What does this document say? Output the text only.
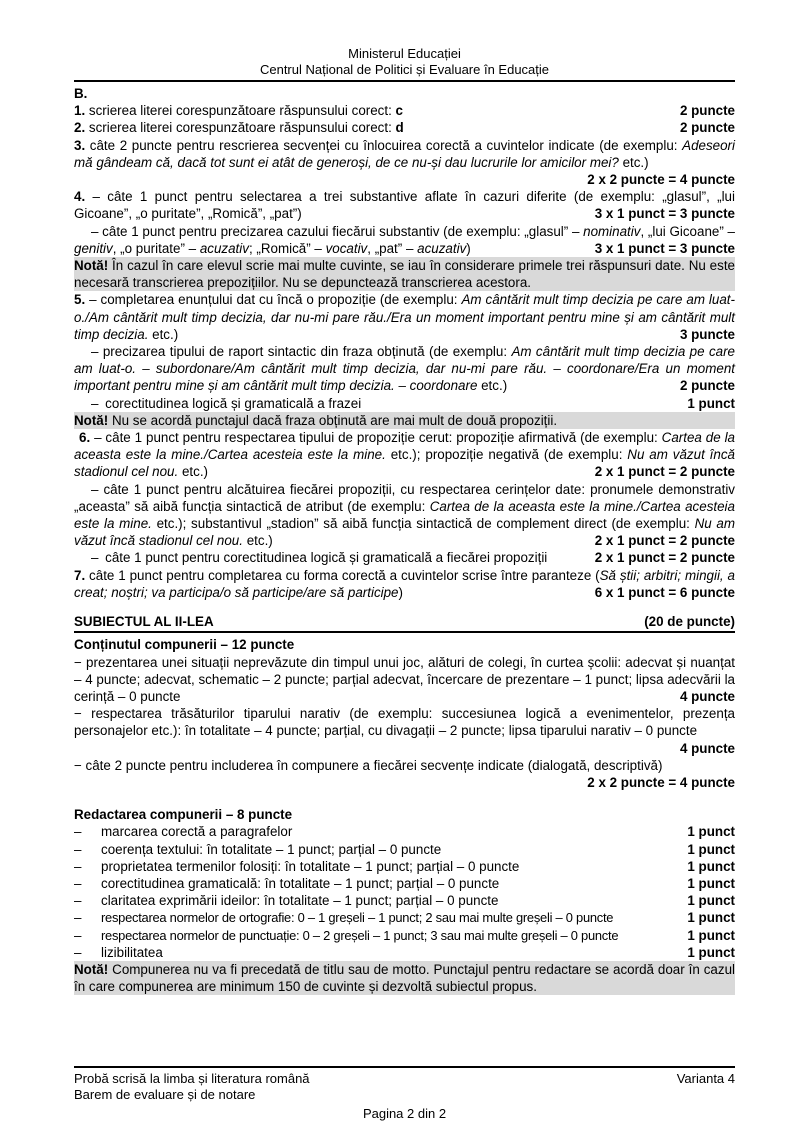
Ministerul Educației
Centrul Național de Politici și Evaluare în Educație
B.
1. scrierea literei corespunzătoare răspunsului corect: c	2 puncte
2. scrierea literei corespunzătoare răspunsului corect: d	2 puncte
3. câte 2 puncte pentru rescrierea secvenței cu înlocuirea corectă a cuvintelor indicate (de exemplu: Adeseori mă gândeam că, dacă tot sunt ei atât de generoși, de ce nu-și dau lucrurile lor amicilor mei? etc.)
2 x 2 puncte = 4 puncte
4. – câte 1 punct pentru selectarea a trei substantive aflate în cazuri diferite (de exemplu: „glasul”, „lui Gicoane”, „o puritate”, „Romică”, „pat”)	3 x 1 punct = 3 puncte
– câte 1 punct pentru precizarea cazului fiecărui substantiv (de exemplu: „glasul” – nominativ, „lui Gicoane” – genitiv, „o puritate” – acuzativ; „Romică” – vocativ, „pat” – acuzativ)	3 x 1 punct = 3 puncte
Notă! În cazul în care elevul scrie mai multe cuvinte, se iau în considerare primele trei răspunsuri date. Nu este necesară transcrierea prepozițiilor. Nu se depunctează transcrierea acestora.
5. – completarea enunțului dat cu încă o propoziție (de exemplu: Am cântărit mult timp decizia pe care am luat-o./Am cântărit mult timp decizia, dar nu-mi pare rău./Era un moment important pentru mine și am cântărit mult timp decizia. etc.)	3 puncte
– precizarea tipului de raport sintactic din fraza obținută (de exemplu: Am cântărit mult timp decizia pe care am luat-o. – subordonare/Am cântărit mult timp decizia, dar nu-mi pare rău. – coordonare/Era un moment important pentru mine și am cântărit mult timp decizia. – coordonare etc.)	2 puncte
– corectitudinea logică și gramaticală a frazei	1 punct
Notă! Nu se acordă punctajul dacă fraza obținută are mai mult de două propoziții.
6. – câte 1 punct pentru respectarea tipului de propoziție cerut: propoziție afirmativă (de exemplu: Cartea de la aceasta este la mine./Cartea acesteia este la mine. etc.); propoziție negativă (de exemplu: Nu am văzut încă stadionul cel nou. etc.)	2 x 1 punct = 2 puncte
– câte 1 punct pentru alcătuirea fiecărei propoziții, cu respectarea cerințelor date: pronumele demonstrativ „aceasta” să aibă funcția sintactică de atribut (de exemplu: Cartea de la aceasta este la mine./Cartea acesteia este la mine. etc.); substantivul „stadion” să aibă funcția sintactică de complement direct (de exemplu: Nu am văzut încă stadionul cel nou. etc.)	2 x 1 punct = 2 puncte
– câte 1 punct pentru corectitudinea logică și gramaticală a fiecărei propoziții	2 x 1 punct = 2 puncte
7. câte 1 punct pentru completarea cu forma corectă a cuvintelor scrise între paranteze (Să știi; arbitri; mingii, a creat; noștri; va participa/o să participe/are să participe)	6 x 1 punct = 6 puncte
SUBIECTUL AL II-LEA	(20 de puncte)
Conținutul compunerii – 12 puncte
− prezentarea unei situații neprevăzute din timpul unui joc, alături de colegi, în curtea școlii: adecvat și nuanțat – 4 puncte; adecvat, schematic – 2 puncte; parțial adecvat, încercare de prezentare – 1 punct; lipsa adecvării la cerință – 0 puncte	4 puncte
− respectarea trăsăturilor tiparului narativ (de exemplu: succesiunea logică a evenimentelor, prezența personajelor etc.): în totalitate – 4 puncte; parțial, cu divagații – 2 puncte; lipsa tiparului narativ – 0 puncte
4 puncte
− câte 2 puncte pentru includerea în compunere a fiecărei secvențe indicate (dialogată, descriptivă)
2 x 2 puncte = 4 puncte
Redactarea compunerii – 8 puncte
–	marcarea corectă a paragrafelor	1 punct
–	coerența textului: în totalitate – 1 punct; parțial – 0 puncte	1 punct
–	proprietatea termenilor folosiți: în totalitate – 1 punct; parțial – 0 puncte	1 punct
–	corectitudinea gramaticală: în totalitate – 1 punct; parțial – 0 puncte	1 punct
–	claritatea exprimării ideilor: în totalitate – 1 punct; parțial – 0 puncte	1 punct
–	respectarea normelor de ortografie: 0 – 1 greșeli – 1 punct; 2 sau mai multe greșeli – 0 puncte	1 punct
–	respectarea normelor de punctuație: 0 – 2 greșeli – 1 punct; 3 sau mai multe greșeli – 0 puncte	1 punct
–	lizibilitatea	1 punct
Notă! Compunerea nu va fi precedată de titlu sau de motto. Punctajul pentru redactare se acordă doar în cazul în care compunerea are minimum 150 de cuvinte și dezvoltă subiectul propus.
Probă scrisă la limba și literatura română	Varianta 4
Barem de evaluare și de notare
Pagina 2 din 2
